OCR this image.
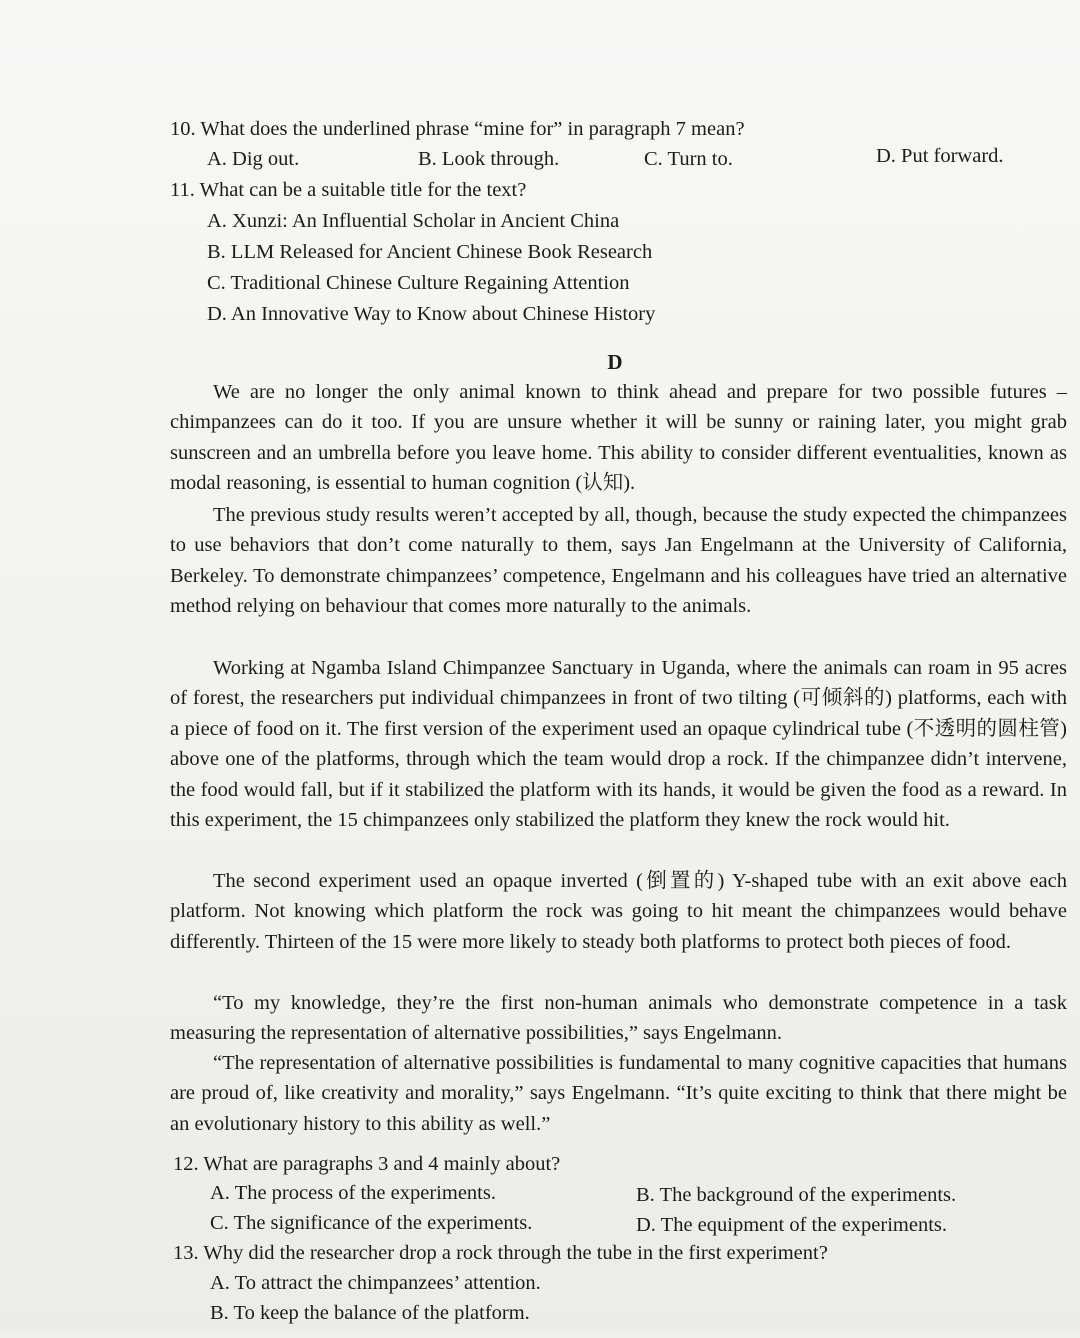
10. What does the underlined phrase “mine for” in paragraph 7 mean?
A. Dig out.	B. Look through.	C. Turn to.	D. Put forward.
11. What can be a suitable title for the text?
A. Xunzi: An Influential Scholar in Ancient China
B. LLM Released for Ancient Chinese Book Research
C. Traditional Chinese Culture Regaining Attention
D. An Innovative Way to Know about Chinese History
D

We are no longer the only animal known to think ahead and prepare for two possible futures – chimpanzees can do it too. If you are unsure whether it will be sunny or raining later, you might grab sunscreen and an umbrella before you leave home. This ability to consider different eventualities, known as modal reasoning, is essential to human cognition (认知).

The previous study results weren’t accepted by all, though, because the study expected the chimpanzees to use behaviors that don’t come naturally to them, says Jan Engelmann at the University of California, Berkeley. To demonstrate chimpanzees’ competence, Engelmann and his colleagues have tried an alternative method relying on behaviour that comes more naturally to the animals.

Working at Ngamba Island Chimpanzee Sanctuary in Uganda, where the animals can roam in 95 acres of forest, the researchers put individual chimpanzees in front of two tilting (可倾斜的) platforms, each with a piece of food on it. The first version of the experiment used an opaque cylindrical tube (不透明的圆柱管) above one of the platforms, through which the team would drop a rock. If the chimpanzee didn’t intervene, the food would fall, but if it stabilized the platform with its hands, it would be given the food as a reward. In this experiment, the 15 chimpanzees only stabilized the platform they knew the rock would hit.

The second experiment used an opaque inverted (倒置的) Y-shaped tube with an exit above each platform. Not knowing which platform the rock was going to hit meant the chimpanzees would behave differently. Thirteen of the 15 were more likely to steady both platforms to protect both pieces of food.

“To my knowledge, they’re the first non-human animals who demonstrate competence in a task measuring the representation of alternative possibilities,” says Engelmann.

“The representation of alternative possibilities is fundamental to many cognitive capacities that humans are proud of, like creativity and morality,” says Engelmann. “It’s quite exciting to think that there might be an evolutionary history to this ability as well.”

12. What are paragraphs 3 and 4 mainly about?
A. The process of the experiments.	B. The background of the experiments.
C. The significance of the experiments.	D. The equipment of the experiments.
13. Why did the researcher drop a rock through the tube in the first experiment?
A. To attract the chimpanzees’ attention.
B. To keep the balance of the platform.
